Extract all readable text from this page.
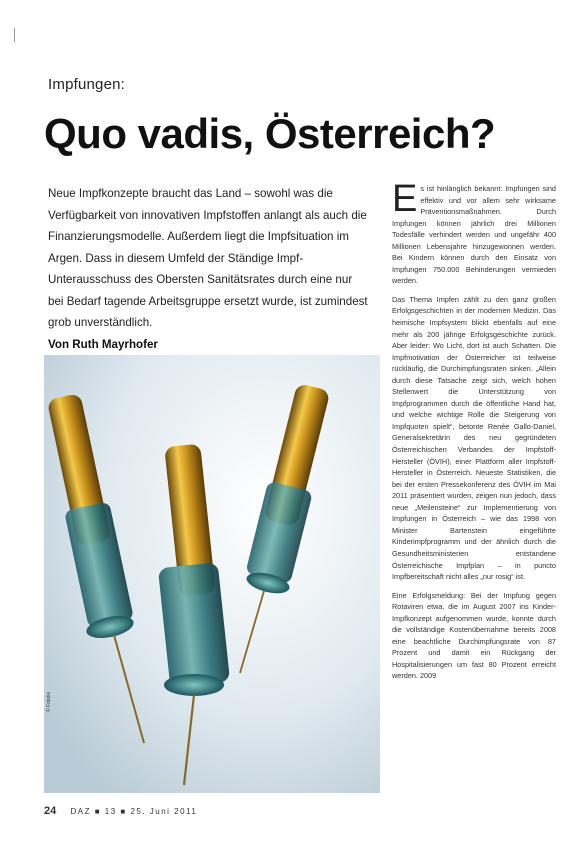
Impfungen:
Quo vadis, Österreich?

Neue Impfkonzepte braucht das Land – sowohl was die Verfügbarkeit von innovativen Impfstoffen anlangt als auch die Finanzierungsmodelle. Außerdem liegt die Impfsituation im Argen. Dass in diesem Umfeld der Ständige Impf-Unterausschuss des Obersten Sanitätsrates durch eine nur bei Bedarf tagende Arbeitsgruppe ersetzt wurde, ist zumindest grob unverständlich.

Von Ruth Mayrhofer

Es ist hinlänglich bekannt: Impfungen sind effektiv und vor allem sehr wirksame Präventionsmaßnahmen. Durch Impfungen können jährlich drei Millionen Todesfälle verhindert werden und ungefähr 400 Millionen Lebensjahre hinzugewonnen werden. Bei Kindern können durch den Einsatz von Impfungen 750.000 Behinderungen vermieden werden.

Das Thema Impfen zählt zu den ganz großen Erfolgsgeschichten in der modernen Medizin. Das heimische Impfsystem blickt ebenfalls auf eine mehr als 200 jährige Erfolgsgeschichte zurück. Aber leider: Wo Licht, dort ist auch Schatten. Die Impfmotivation der Österreicher ist teilweise rückläufig, die Durchimpfungsraten sinken. „Allein durch diese Tatsache zeigt sich, welch hohen Stellenwert die Unterstützung von Impfprogrammen durch die öffentliche Hand hat, und welche wichtige Rolle die Steigerung von Impfquoten spielt“, betonte Renée Gallo-Daniel, Generalsekretärin des neu gegründeten Österreichischen Verbandes der Impfstoff-Hersteller (ÖVIH), einer Plattform aller Impfstoff-Hersteller in Österreich. Neueste Statistiken, die bei der ersten Pressekonferenz des ÖVIH im Mai 2011 präsentiert wurden, zeigen nun jedoch, dass neue „Meilensteine“ zur Implementierung von Impfungen in Österreich – wie das 1998 von Minister Bartenstein eingeführte Kinderimpfprogramm und der ähnlich durch die Gesundheitsministerien entstandene Österreichische Impfplan – in puncto Impfbereitschaft nicht alles „nur rosig“ ist.

Eine Erfolgsmeldung: Bei der Impfung gegen Rotaviren etwa, die im August 2007 ins Kinder-Impfkonzept aufgenommen wurde, konnte durch die vollständige Kostenübernahme bereits 2008 eine beachtliche Durchimpfungsrate von 87 Prozent und damit ein Rückgang der Hospitalisierungen um fast 80 Prozent erreicht werden. 2009

© Fotolia
24 DAZ ■ 13 ■ 25. Juni 2011
